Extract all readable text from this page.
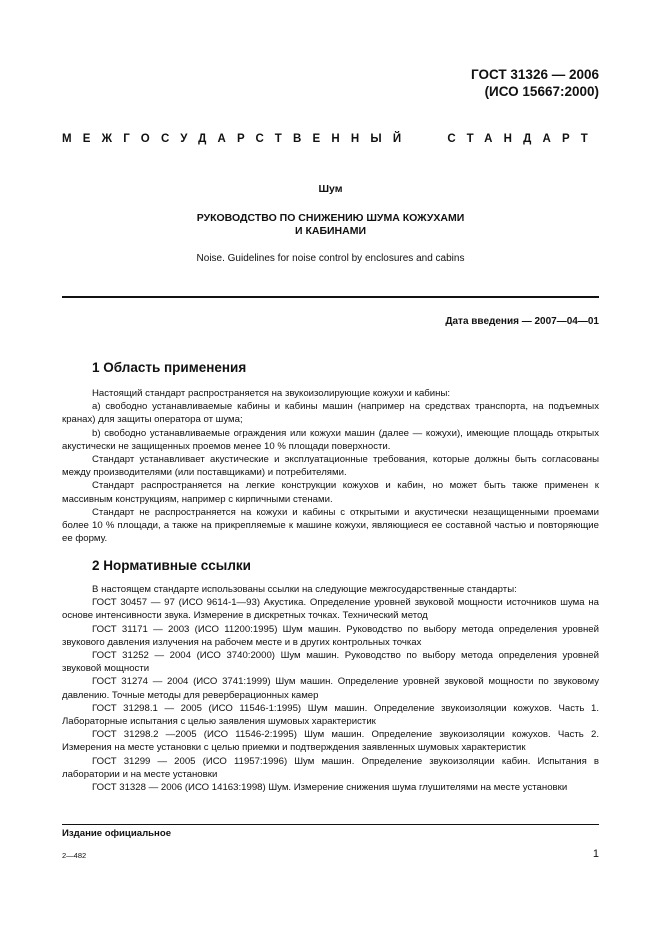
ГОСТ 31326 — 2006
(ИСО 15667:2000)
МЕЖГОСУДАРСТВЕННЫЙ	СТАНДАРТ
Шум
РУКОВОДСТВО ПО СНИЖЕНИЮ ШУМА КОЖУХАМИ
И КАБИНАМИ
Noise. Guidelines for noise control by enclosures and cabins
Дата введения — 2007—04—01
1 Область применения

Настоящий стандарт распространяется на звукоизолирующие кожухи и кабины:

а) свободно устанавливаемые кабины и кабины машин (например на средствах транспорта, на подъемных кранах) для защиты оператора от шума;

b) свободно устанавливаемые ограждения или кожухи машин (далее — кожухи), имеющие площадь открытых акустически не защищенных проемов менее 10 % площади поверхности.

Стандарт устанавливает акустические и эксплуатационные требования, которые должны быть согласованы между производителями (или поставщиками) и потребителями.

Стандарт распространяется на легкие конструкции кожухов и кабин, но может быть также применен к массивным конструкциям, например с кирпичными стенами.

Стандарт не распространяется на кожухи и кабины с открытыми и акустически незащищенными проемами более 10 % площади, а также на прикрепляемые к машине кожухи, являющиеся ее составной частью и повторяющие ее форму.

2 Нормативные ссылки

В настоящем стандарте использованы ссылки на следующие межгосударственные стандарты:

ГОСТ 30457 — 97 (ИСО 9614-1—93) Акустика. Определение уровней звуковой мощности источников шума на основе интенсивности звука. Измерение в дискретных точках. Технический метод

ГОСТ 31171 — 2003 (ИСО 11200:1995) Шум машин. Руководство по выбору метода определения уровней звукового давления излучения на рабочем месте и в других контрольных точках

ГОСТ 31252 — 2004 (ИСО 3740:2000) Шум машин. Руководство по выбору метода определения уровней звуковой мощности

ГОСТ 31274 — 2004 (ИСО 3741:1999) Шум машин. Определение уровней звуковой мощности по звуковому давлению. Точные методы для реверберационных камер

ГОСТ 31298.1 — 2005 (ИСО 11546-1:1995) Шум машин. Определение звукоизоляции кожухов. Часть 1. Лабораторные испытания с целью заявления шумовых характеристик

ГОСТ 31298.2 —2005 (ИСО 11546-2:1995) Шум машин. Определение звукоизоляции кожухов. Часть 2. Измерения на месте установки с целью приемки и подтверждения заявленных шумовых характеристик

ГОСТ 31299 — 2005 (ИСО 11957:1996) Шум машин. Определение звукоизоляции кабин. Испытания в лаборатории и на месте установки

ГОСТ 31328 — 2006 (ИСО 14163:1998) Шум. Измерение снижения шума глушителями на месте установки

Издание официальное
2—482	1
